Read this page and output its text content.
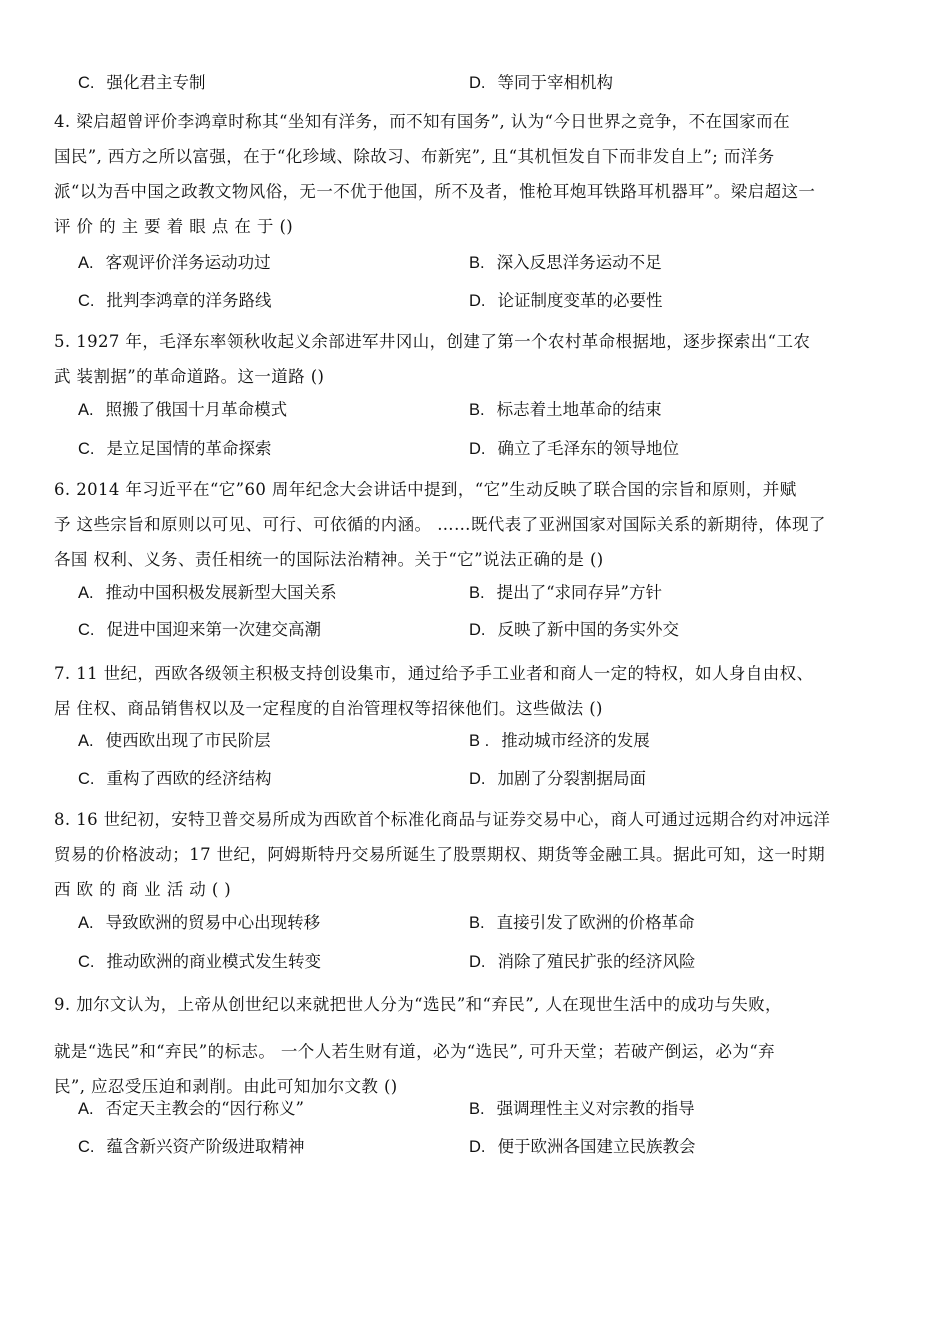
C. 强化君主专制	D. 等同于宰相机构
4. 梁启超曾评价李鸿章时称其“坐知有洋务，而不知有国务”, 认为“今日世界之竞争，不在国家而在
国民”, 西方之所以富强，在于“化珍域、除故习、布新宪”, 且“其机恒发自下而非发自上”; 而洋务
派“以为吾中国之政教文物风俗，无一不优于他国，所不及者，惟枪耳炮耳铁路耳机器耳”。梁启超这一
评 价 的 主 要 着 眼 点 在 于 ()
A. 客观评价洋务运动功过	B. 深入反思洋务运动不足
C. 批判李鸿章的洋务路线	D. 论证制度变革的必要性
5. 1927 年，毛泽东率领秋收起义余部进军井冈山，创建了第一个农村革命根据地，逐步探索出“工农
武 装割据”的革命道路。这一道路 ()
A. 照搬了俄国十月革命模式	B. 标志着土地革命的结束
C. 是立足国情的革命探索	D. 确立了毛泽东的领导地位
6. 2014 年习近平在“它”60 周年纪念大会讲话中提到，“它”生动反映了联合国的宗旨和原则，并赋
予 这些宗旨和原则以可见、可行、可依循的内涵。 ……既代表了亚洲国家对国际关系的新期待，体现了
各国 权利、义务、责任相统一的国际法治精神。关于“它”说法正确的是 ()
A. 推动中国积极发展新型大国关系	B. 提出了“求同存异”方针
C. 促进中国迎来第一次建交高潮	D. 反映了新中国的务实外交
7. 11 世纪，西欧各级领主积极支持创设集市，通过给予手工业者和商人一定的特权，如人身自由权、
居 住权、商品销售权以及一定程度的自治管理权等招徕他们。这些做法 ()
A. 使西欧出现了市民阶层	B . 推动城市经济的发展
C. 重构了西欧的经济结构	D. 加剧了分裂割据局面
8. 16 世纪初，安特卫普交易所成为西欧首个标准化商品与证券交易中心，商人可通过远期合约对冲远洋
贸易的价格波动；17 世纪，阿姆斯特丹交易所诞生了股票期权、期货等金融工具。据此可知，这一时期
西 欧 的 商 业 活 动 ( )
A. 导致欧洲的贸易中心出现转移	B. 直接引发了欧洲的价格革命
C. 推动欧洲的商业模式发生转变	D. 消除了殖民扩张的经济风险
9. 加尔文认为，上帝从创世纪以来就把世人分为“选民”和“弃民”, 人在现世生活中的成功与失败，
就是“选民”和“弃民”的标志。 一个人若生财有道，必为“选民”, 可升天堂；若破产倒运，必为“弃
民”, 应忍受压迫和剥削。由此可知加尔文教 ()
A. 否定天主教会的“因行称义”	B. 强调理性主义对宗教的指导
C. 蕴含新兴资产阶级进取精神	D. 便于欧洲各国建立民族教会
